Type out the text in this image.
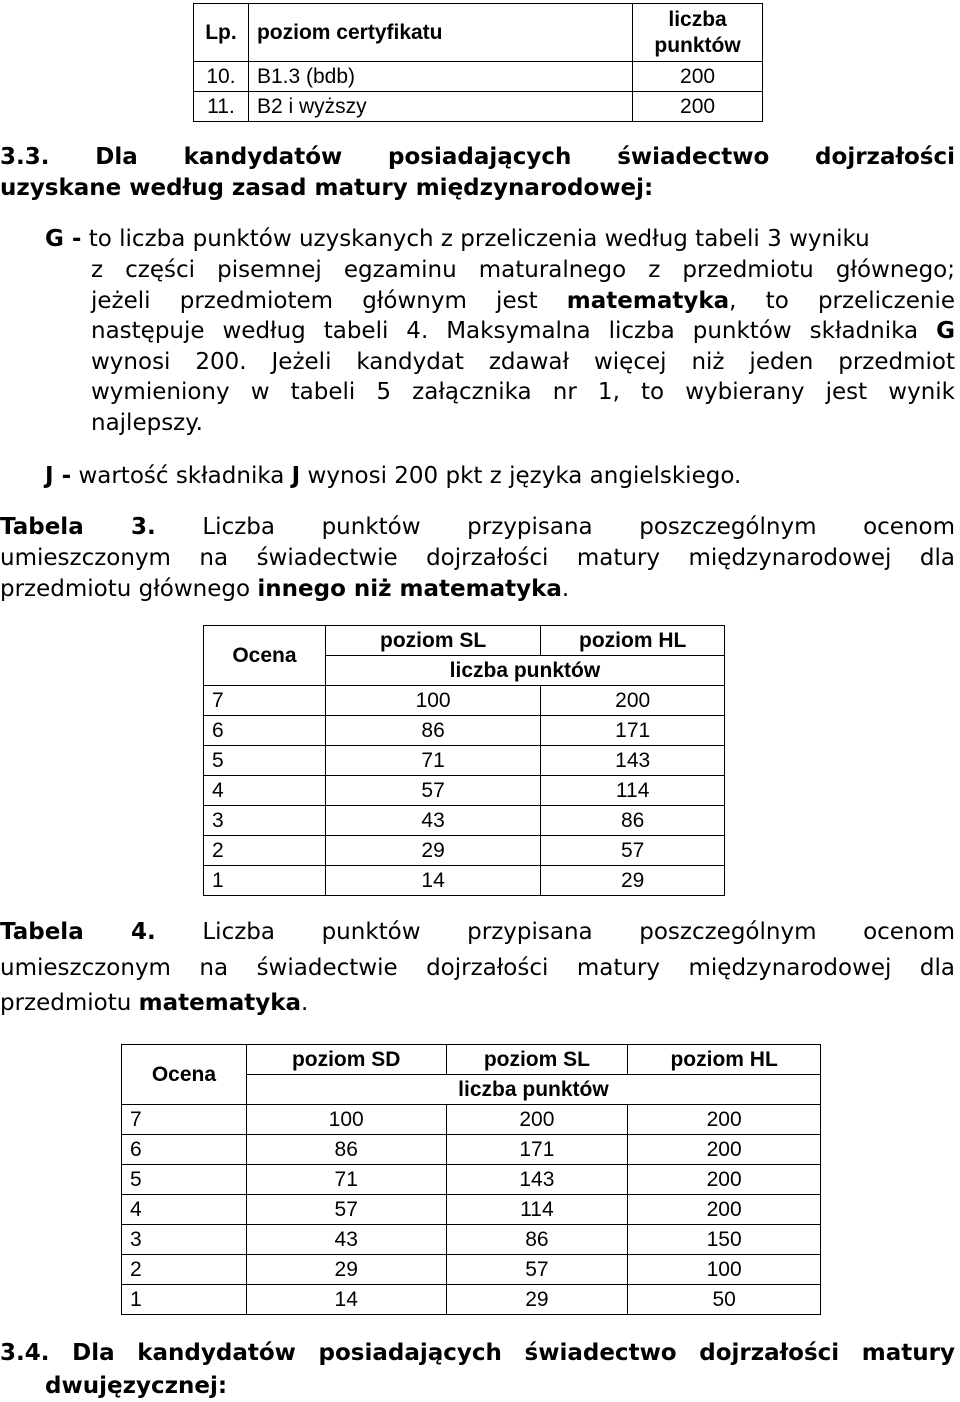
Lp.	poziom certyfikatu	liczba
punktów
10.	B1.3 (bdb)	200
11.	B2 i wyższy	200
3.3. Dla kandydatów posiadających świadectwo dojrzałości
uzyskane według zasad matury międzynarodowej:
G - to liczba punktów uzyskanych z przeliczenia według tabeli 3 wyniku
z części pisemnej egzaminu maturalnego z przedmiotu głównego;
jeżeli przedmiotem głównym jest matematyka, to przeliczenie
następuje według tabeli 4. Maksymalna liczba punktów składnika G
wynosi 200. Jeżeli kandydat zdawał więcej niż jeden przedmiot
wymieniony w tabeli 5 załącznika nr 1, to wybierany jest wynik
najlepszy.
J - wartość składnika J wynosi 200 pkt z języka angielskiego.
Tabela 3. Liczba punktów przypisana poszczególnym ocenom
umieszczonym na świadectwie dojrzałości matury międzynarodowej dla
przedmiotu głównego innego niż matematyka.
Ocena	poziom SL	poziom HL
	liczba punktów	
7	100	200
6	86	171
5	71	143
4	57	114
3	43	86
2	29	57
1	14	29
Tabela 4. Liczba punktów przypisana poszczególnym ocenom
umieszczonym na świadectwie dojrzałości matury międzynarodowej dla
przedmiotu matematyka.
Ocena	poziom SD	poziom SL	poziom HL
	liczba punktów		
7	100	200	200
6	86	171	200
5	71	143	200
4	57	114	200
3	43	86	150
2	29	57	100
1	14	29	50
3.4. Dla kandydatów posiadających świadectwo dojrzałości matury
dwujęzycznej:
